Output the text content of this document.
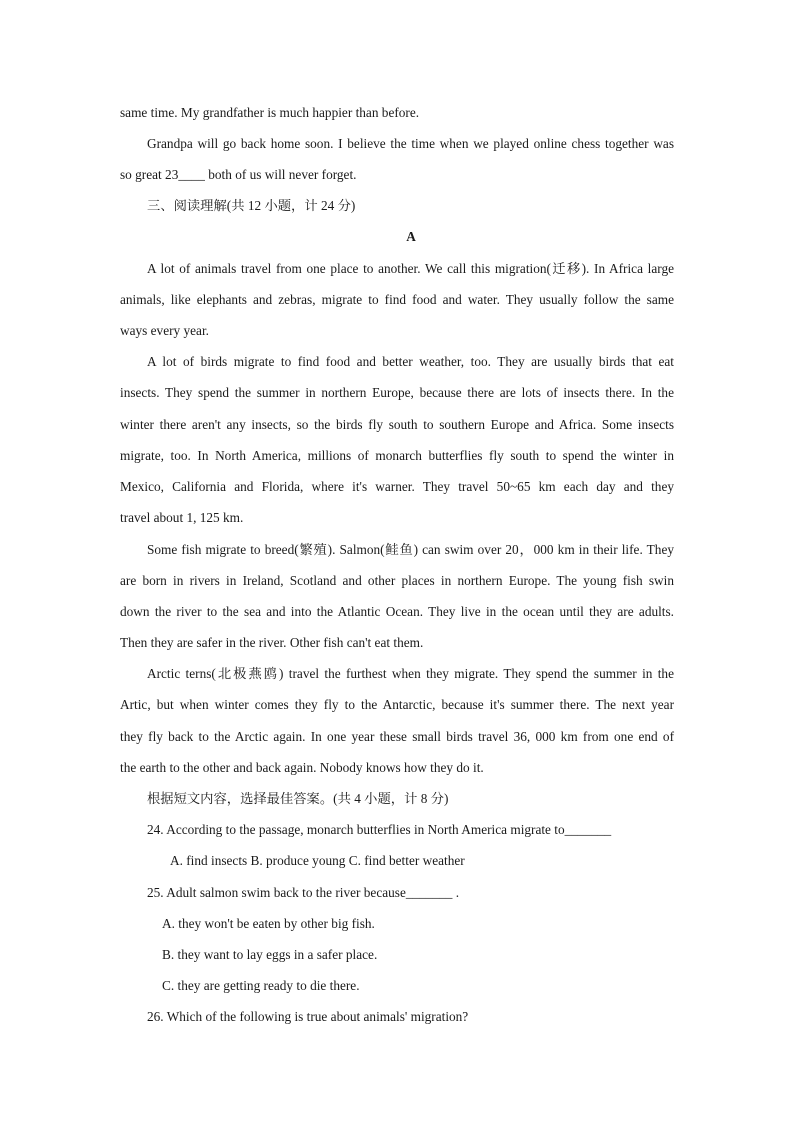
same time. My grandfather is much happier than before.
Grandpa will go back home soon. I believe the time when we played online chess together was
so great 23____ both of us will never forget.
三、阅读理解(共 12 小题，计 24 分)
A
A lot of animals travel from one place to another. We call this migration(迁移). In Africa large
animals, like elephants and zebras, migrate to find food and water. They usually follow the same
ways every year.
A lot of birds migrate to find food and better weather, too. They are usually birds that eat
insects. They spend the summer in northern Europe, because there are lots of insects there. In the
winter there aren't any insects, so the birds fly south to southern Europe and Africa. Some insects
migrate, too. In North America, millions of monarch butterflies fly south to spend the winter in
Mexico, California and Florida, where it's warner. They travel 50~65 km each day and they
travel about 1, 125 km.
Some fish migrate to breed(繁殖). Salmon(鲑鱼) can swim over 20，000 km in their life. They
are born in rivers in Ireland, Scotland and other places in northern Europe. The young fish swin
down the river to the sea and into the Atlantic Ocean. They live in the ocean until they are adults.
Then they are safer in the river. Other fish can't eat them.
Arctic terns(北极燕鸥) travel the furthest when they migrate. They spend the summer in the
Artic, but when winter comes they fly to the Antarctic, because it's summer there. The next year
they fly back to the Arctic again. In one year these small birds travel 36, 000 km from one end of
the earth to the other and back again. Nobody knows how they do it.
根据短文内容，选择最佳答案。(共 4 小题，计 8 分)
24. According to the passage, monarch butterflies in North America migrate to_______
A. find insects B. produce young C. find better weather
25. Adult salmon swim back to the river because_______ .
A. they won't be eaten by other big fish.
B. they want to lay eggs in a safer place.
C. they are getting ready to die there.
26. Which of the following is true about animals' migration?
